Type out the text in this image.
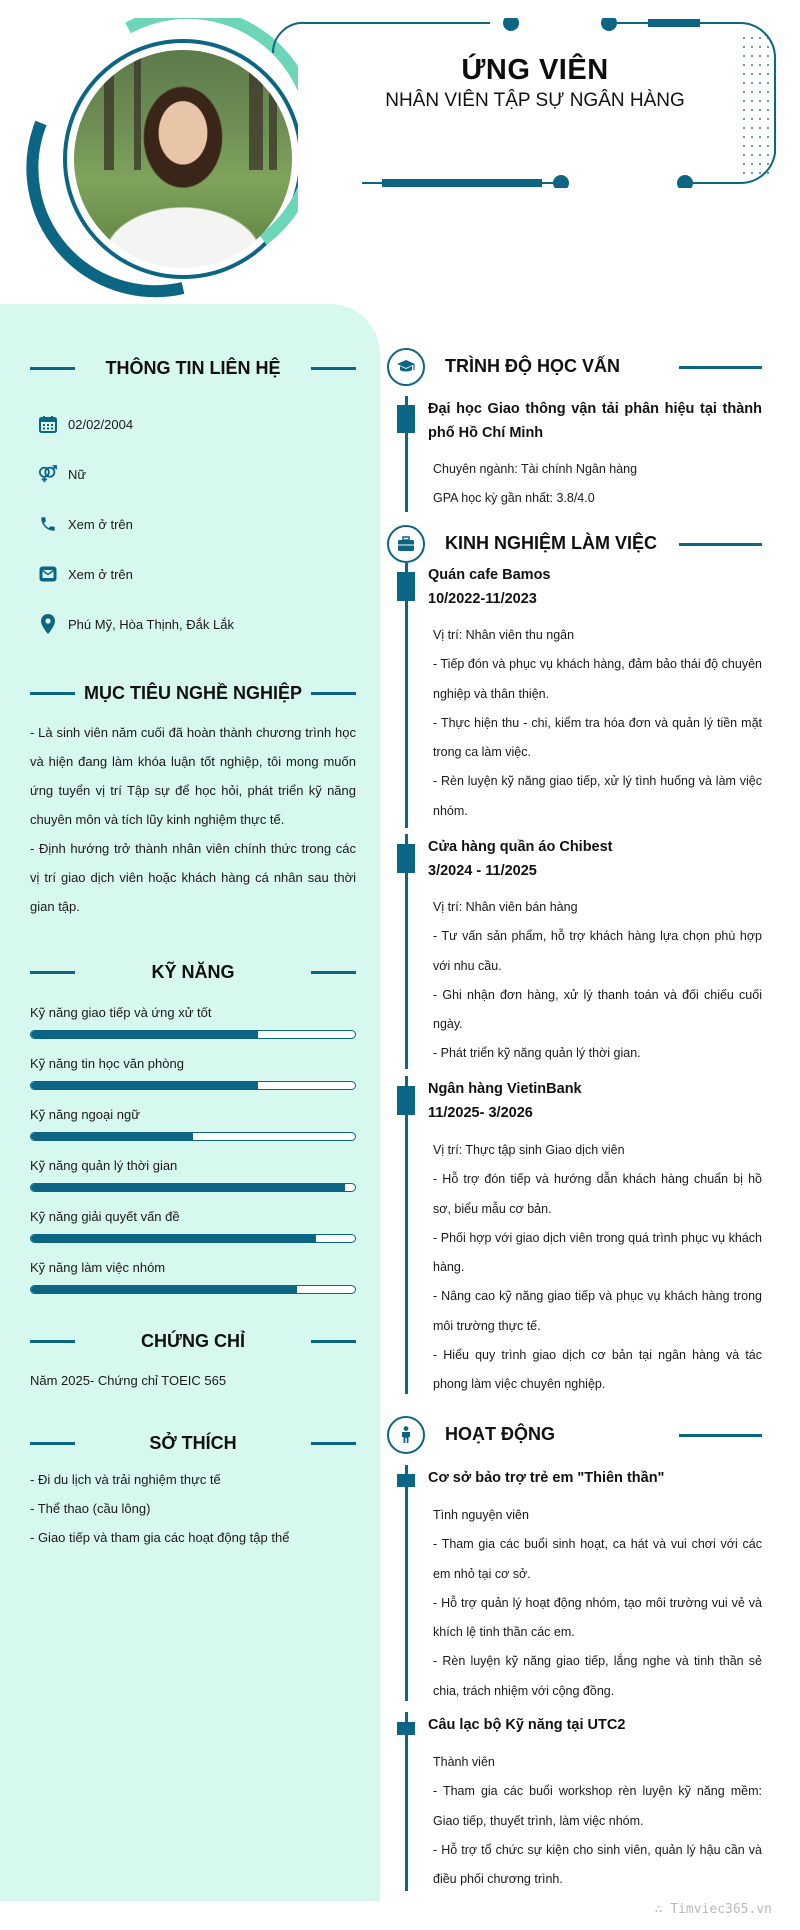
ỨNG VIÊN
NHÂN VIÊN TẬP SỰ NGÂN HÀNG
THÔNG TIN LIÊN HỆ
02/02/2004
Nữ
Xem ở trên
Xem ở trên
Phú Mỹ, Hòa Thịnh, Đắk Lắk
MỤC TIÊU NGHỀ NGHIỆP

- Là sinh viên năm cuối đã hoàn thành chương trình học và hiện đang làm khóa luận tốt nghiệp, tôi mong muốn ứng tuyển vị trí Tập sự để học hỏi, phát triển kỹ năng chuyên môn và tích lũy kinh nghiệm thực tế.

- Định hướng trở thành nhân viên chính thức trong các vị trí giao dịch viên hoặc khách hàng cá nhân sau thời gian tập.

KỸ NĂNG
Kỹ năng giao tiếp và ứng xử tốt
Kỹ năng tin học văn phòng
Kỹ năng ngoại ngữ
Kỹ năng quản lý thời gian
Kỹ năng giải quyết vấn đề
Kỹ năng làm việc nhóm
CHỨNG CHỈ
Năm 2025- Chứng chỉ TOEIC 565
SỞ THÍCH
- Đi du lịch và trải nghiệm thực tế
- Thể thao (cầu lông)
- Giao tiếp và tham gia các hoạt động tập thể
TRÌNH ĐỘ HỌC VẤN
Đại học Giao thông vận tải phân hiệu tại thành phố Hồ Chí Minh

Chuyên ngành: Tài chính Ngân hàng

GPA học kỳ gần nhất: 3.8/4.0

KINH NGHIỆM LÀM VIỆC
Quán cafe Bamos
10/2022-11/2023

Vị trí: Nhân viên thu ngân

- Tiếp đón và phục vụ khách hàng, đảm bảo thái độ chuyên nghiệp và thân thiện.

- Thực hiện thu - chi, kiểm tra hóa đơn và quản lý tiền mặt trong ca làm việc.

- Rèn luyện kỹ năng giao tiếp, xử lý tình huống và làm việc nhóm.

Cửa hàng quần áo Chibest
3/2024 - 11/2025

Vị trí: Nhân viên bán hàng

- Tư vấn sản phẩm, hỗ trợ khách hàng lựa chọn phù hợp với nhu cầu.

- Ghi nhận đơn hàng, xử lý thanh toán và đối chiếu cuối ngày.

- Phát triển kỹ năng quản lý thời gian.

Ngân hàng VietinBank
11/2025- 3/2026

Vị trí: Thực tập sinh Giao dịch viên

- Hỗ trợ đón tiếp và hướng dẫn khách hàng chuẩn bị hồ sơ, biểu mẫu cơ bản.

- Phối hợp với giao dịch viên trong quá trình phục vụ khách hàng.

- Nâng cao kỹ năng giao tiếp và phục vụ khách hàng trong môi trường thực tế.

- Hiểu quy trình giao dịch cơ bản tại ngân hàng và tác phong làm việc chuyên nghiệp.

HOẠT ĐỘNG
Cơ sở bảo trợ trẻ em "Thiên thần"

Tình nguyện viên

- Tham gia các buổi sinh hoạt, ca hát và vui chơi với các em nhỏ tại cơ sở.

- Hỗ trợ quản lý hoạt động nhóm, tạo môi trường vui vẻ và khích lệ tinh thần các em.

- Rèn luyện kỹ năng giao tiếp, lắng nghe và tinh thần sẻ chia, trách nhiệm với cộng đồng.

Câu lạc bộ Kỹ năng tại UTC2

Thành viên

- Tham gia các buổi workshop rèn luyện kỹ năng mềm: Giao tiếp, thuyết trình, làm việc nhóm.

- Hỗ trợ tổ chức sự kiện cho sinh viên, quản lý hậu cần và điều phối chương trình.

∴ Timviec365.vn
